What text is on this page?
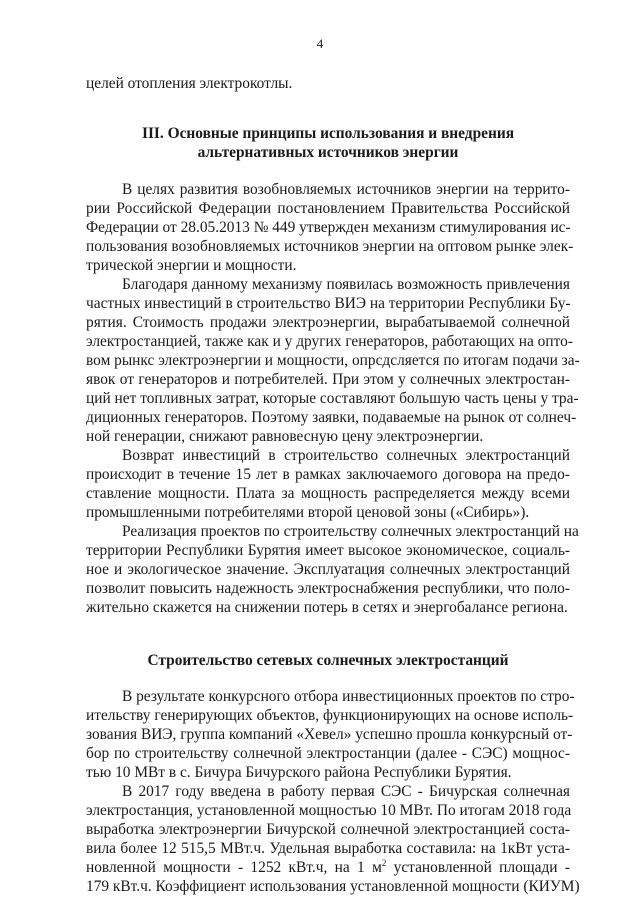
4
целей отопления электрокотлы.
III. Основные принципы использования и внедрения
альтернативных источников энергии
В целях развития возобновляемых источников энергии на террито-
рии Российской Федерации постановлением Правительства Российской
Федерации от 28.05.2013 № 449 утвержден механизм стимулирования ис-
пользования возобновляемых источников энергии на оптовом рынке элек-
трической энергии и мощности.
Благодаря данному механизму появилась возможность привлечения
частных инвестиций в строительство ВИЭ на территории Республики Бу-
рятия. Стоимость продажи электроэнергии, вырабатываемой солнечной
электростанцией, также как и у других генераторов, работающих на опто-
вом рынкс электроэнергии и мощности, опрсдсляется по итогам подачи за-
явок от генераторов и потребителей. При этом у солнечных электростан-
ций нет топливных затрат, которые составляют большую часть цены у тра-
диционных генераторов. Поэтому заявки, подаваемые на рынок от солнеч-
ной генерации, снижают равновесную цену электроэнергии.
Возврат инвестиций в строительство солнечных электростанций
происходит в течение 15 лет в рамках заключаемого договора на предо-
ставление мощности. Плата за мощность распределяется между всеми
промышленными потребителями второй ценовой зоны («Сибирь»).
Реализация проектов по строительству солнечных электростанций на
территории Республики Бурятия имеет высокое экономическое, социаль-
ное и экологическое значение. Эксплуатация солнечных электростанций
позволит повысить надежность электроснабжения республики, что поло-
жительно скажется на снижении потерь в сетях и энергобалансе региона.
Строительство сетевых солнечных электростанций
В результате конкурсного отбора инвестиционных проектов по стро-
ительству генерирующих объектов, функционирующих на основе исполь-
зования ВИЭ, группа компаний «Хевел» успешно прошла конкурсный от-
бор по строительству солнечной электростанции (далее - СЭС) мощнос-
тью 10 МВт в с. Бичура Бичурского района Республики Бурятия.
В 2017 году введена в работу первая СЭС - Бичурская солнечная
электростанция, установленной мощностью 10 МВт. По итогам 2018 года
выработка электроэнергии Бичурской солнечной электростанцией соста-
вила более 12 515,5 МВт.ч. Удельная выработка составила: на 1кВт уста-
новленной мощности - 1252 кВт.ч, на 1 $м^2$ установленной площади -
179 кВт.ч. Коэффициент использования установленной мощности (КИУМ)
